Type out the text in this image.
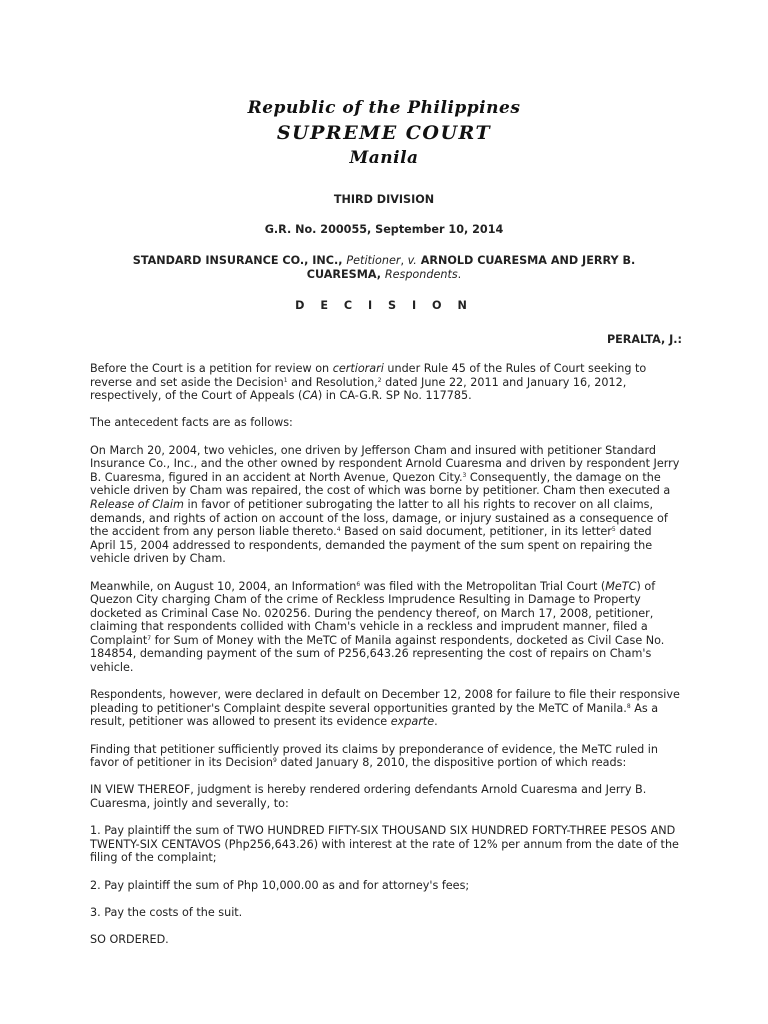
Republic of the Philippines
SUPREME COURT
Manila
THIRD DIVISION
G.R. No. 200055, September 10, 2014
STANDARD INSURANCE CO., INC., Petitioner, v. ARNOLD CUARESMA AND JERRY B. CUARESMA, Respondents.
D E C I S I O N
PERALTA, J.:

Before the Court is a petition for review on certiorari under Rule 45 of the Rules of Court seeking to reverse and set aside the Decision$^1$ and Resolution,$^2$ dated June 22, 2011 and January 16, 2012, respectively, of the Court of Appeals (CA) in CA-G.R. SP No. 117785.

The antecedent facts are as follows:

On March 20, 2004, two vehicles, one driven by Jefferson Cham and insured with petitioner Standard Insurance Co., Inc., and the other owned by respondent Arnold Cuaresma and driven by respondent Jerry B. Cuaresma, figured in an accident at North Avenue, Quezon City.$^3$ Consequently, the damage on the vehicle driven by Cham was repaired, the cost of which was borne by petitioner. Cham then executed a Release of Claim in favor of petitioner subrogating the latter to all his rights to recover on all claims, demands, and rights of action on account of the loss, damage, or injury sustained as a consequence of the accident from any person liable thereto.$^4$ Based on said document, petitioner, in its letter$^5$ dated April 15, 2004 addressed to respondents, demanded the payment of the sum spent on repairing the vehicle driven by Cham.

Meanwhile, on August 10, 2004, an Information$^6$ was filed with the Metropolitan Trial Court (MeTC) of Quezon City charging Cham of the crime of Reckless Imprudence Resulting in Damage to Property docketed as Criminal Case No. 020256. During the pendency thereof, on March 17, 2008, petitioner, claiming that respondents collided with Cham's vehicle in a reckless and imprudent manner, filed a Complaint$^7$ for Sum of Money with the MeTC of Manila against respondents, docketed as Civil Case No. 184854, demanding payment of the sum of P256,643.26 representing the cost of repairs on Cham's vehicle.

Respondents, however, were declared in default on December 12, 2008 for failure to file their responsive pleading to petitioner's Complaint despite several opportunities granted by the MeTC of Manila.$^8$ As a result, petitioner was allowed to present its evidence exparte.

Finding that petitioner sufficiently proved its claims by preponderance of evidence, the MeTC ruled in favor of petitioner in its Decision$^9$ dated January 8, 2010, the dispositive portion of which reads:

IN VIEW THEREOF, judgment is hereby rendered ordering defendants Arnold Cuaresma and Jerry B. Cuaresma, jointly and severally, to:

1. Pay plaintiff the sum of TWO HUNDRED FIFTY-SIX THOUSAND SIX HUNDRED FORTY-THREE PESOS AND TWENTY-SIX CENTAVOS (Php256,643.26) with interest at the rate of 12% per annum from the date of the filing of the complaint;

2. Pay plaintiff the sum of Php 10,000.00 as and for attorney's fees;

3. Pay the costs of the suit.

SO ORDERED.
